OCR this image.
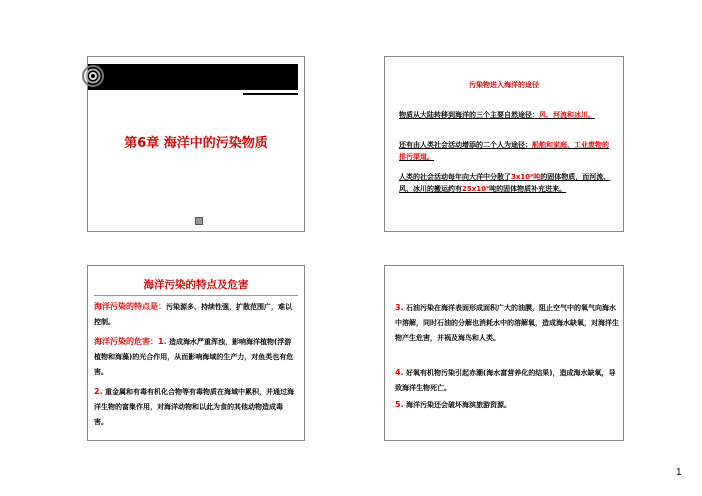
第6章 海洋中的污染物质
污染物进入海洋的途径
物质从大陆转移到海洋的三个主要自然途径：风、河流和冰川。
还有由人类社会活动增添的二个人为途径：船舶和家庭、工业废物的排污渠道。
人类的社会活动每年向大洋中分散了3x10⁹吨的固体物质，而河流、风、冰川的搬运约有25x10⁹吨的固体物质补充进来。
海洋污染的特点及危害
海洋污染的特点是：污染源多、持续性强，扩散范围广，难以控制。
海洋污染的危害：1. 造成海水严重浑浊，影响海洋植物(浮游植物和海藻)的光合作用，从而影响海域的生产力，对鱼类也有危害。
2. 重金属和有毒有机化合物等有毒物质在海域中累积，并通过海洋生物的富集作用，对海洋动物和以此为食的其他动物造成毒害。
3. 石油污染在海洋表面形成面积广大的油膜，阻止空气中的氧气向海水中溶解，同时石油的分解也消耗水中的溶解氧，造成海水缺氧，对海洋生物产生危害，并祸及海鸟和人类。
4. 好氧有机物污染引起赤潮(海水富营养化的结果)，造成海水缺氧，导致海洋生物死亡。
5. 海洋污染还会破坏海滨旅游资源。
1
